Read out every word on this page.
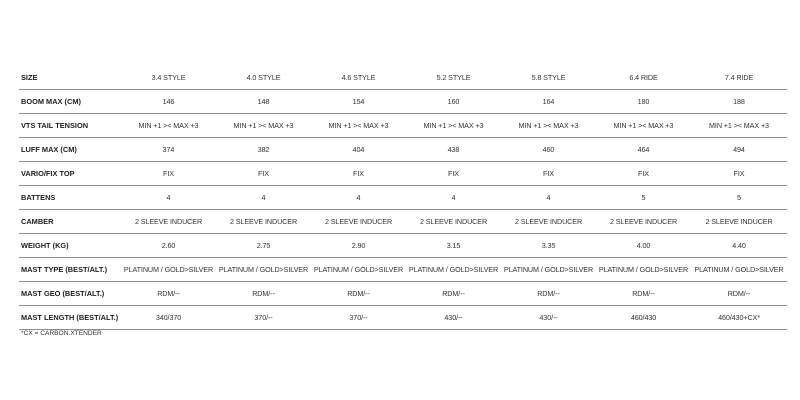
SIZE	3.4 STYLE	4.0 STYLE	4.6 STYLE	5.2 STYLE	5.8 STYLE	6.4 RIDE	7.4 RIDE
BOOM MAX (CM)	146	148	154	160	164	180	188
VTS TAIL TENSION	MIN +1 >< MAX +3	MIN +1 >< MAX +3	MIN +1 >< MAX +3	MIN +1 >< MAX +3	MIN +1 >< MAX +3	MIN +1 >< MAX +3	MIN +1 >< MAX +3
LUFF MAX (CM)	374	382	404	438	460	464	494
VARIO/FIX TOP	FIX	FIX	FIX	FIX	FIX	FIX	FIX
BATTENS	4	4	4	4	4	5	5
CAMBER	2 SLEEVE INDUCER	2 SLEEVE INDUCER	2 SLEEVE INDUCER	2 SLEEVE INDUCER	2 SLEEVE INDUCER	2 SLEEVE INDUCER	2 SLEEVE INDUCER
WEIGHT (KG)	2.60	2.75	2.90	3.15	3.35	4.00	4.40
MAST TYPE (BEST/ALT.)	PLATINUM / GOLD>SILVER	PLATINUM / GOLD>SILVER	PLATINUM / GOLD>SILVER	PLATINUM / GOLD>SILVER	PLATINUM / GOLD>SILVER	PLATINUM / GOLD>SILVER	PLATINUM / GOLD>SILVER
MAST GEO (BEST/ALT.)	RDM/--	RDM/--	RDM/--	RDM/--	RDM/--	RDM/--	RDM/--
MAST LENGTH (BEST/ALT.)	340/370	370/--	370/--	430/--	430/--	460/430	460/430+CX*
*CX = CARBON.XTENDER
